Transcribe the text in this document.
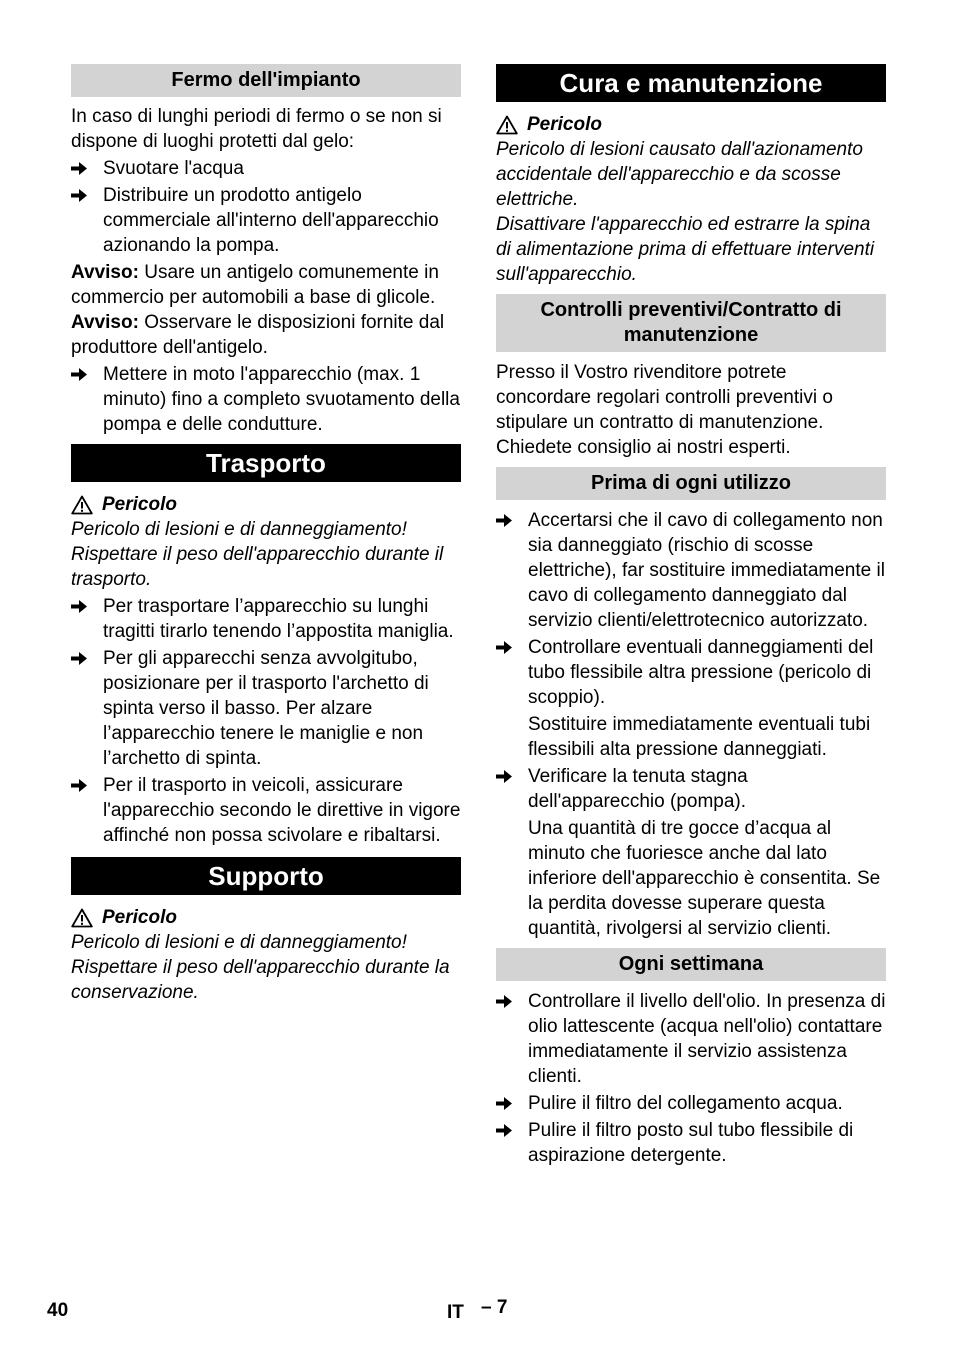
Fermo dell'impianto
In caso di lunghi periodi di fermo o se non si dispone di luoghi protetti dal gelo:
Svuotare l'acqua
Distribuire un prodotto antigelo commerciale all'interno dell'apparecchio azionando la pompa.
Avviso: Usare un antigelo comunemente in commercio per automobili a base di glicole.
Avviso: Osservare le disposizioni fornite dal produttore dell'antigelo.
Mettere in moto l'apparecchio (max. 1 minuto) fino a completo svuotamento della pompa e delle condutture.
Trasporto
Pericolo
Pericolo di lesioni e di danneggiamento! Rispettare il peso dell'apparecchio durante il trasporto.
Per trasportare l’apparecchio su lunghi tragitti tirarlo tenendo l’appostita maniglia.
Per gli apparecchi senza avvolgitubo, posizionare per il trasporto l'archetto di spinta verso il basso. Per alzare l’apparecchio tenere le maniglie e non l’archetto di spinta.
Per il trasporto in veicoli, assicurare l'apparecchio secondo le direttive in vigore affinché non possa scivolare e ribaltarsi.
Supporto
Pericolo
Pericolo di lesioni e di danneggiamento! Rispettare il peso dell'apparecchio durante la conservazione.
Cura e manutenzione
Pericolo
Pericolo di lesioni causato dall'azionamento accidentale dell'apparecchio e da scosse elettriche.
Disattivare l'apparecchio ed estrarre la spina di alimentazione prima di effettuare interventi sull'apparecchio.
Controlli preventivi/Contratto di manutenzione
Presso il Vostro rivenditore potrete concordare regolari controlli preventivi o stipulare un contratto di manutenzione. Chiedete consiglio ai nostri esperti.
Prima di ogni utilizzo
Accertarsi che il cavo di collegamento non sia danneggiato (rischio di scosse elettriche), far sostituire immediatamente il cavo di collegamento danneggiato dal servizio clienti/elettrotecnico autorizzato.
Controllare eventuali danneggiamenti del tubo flessibile altra pressione (pericolo di scoppio).
Sostituire immediatamente eventuali tubi flessibili alta pressione danneggiati.
Verificare la tenuta stagna dell'apparecchio (pompa).
Una quantità di tre gocce d’acqua al minuto che fuoriesce anche dal lato inferiore dell'apparecchio è consentita. Se la perdita dovesse superare questa quantità, rivolgersi al servizio clienti.
Ogni settimana
Controllare il livello dell'olio. In presenza di olio lattescente (acqua nell'olio) contattare immediatamente il servizio assistenza clienti.
Pulire il filtro del collegamento acqua.
Pulire il filtro posto sul tubo flessibile di aspirazione detergente.
40	IT – 7
